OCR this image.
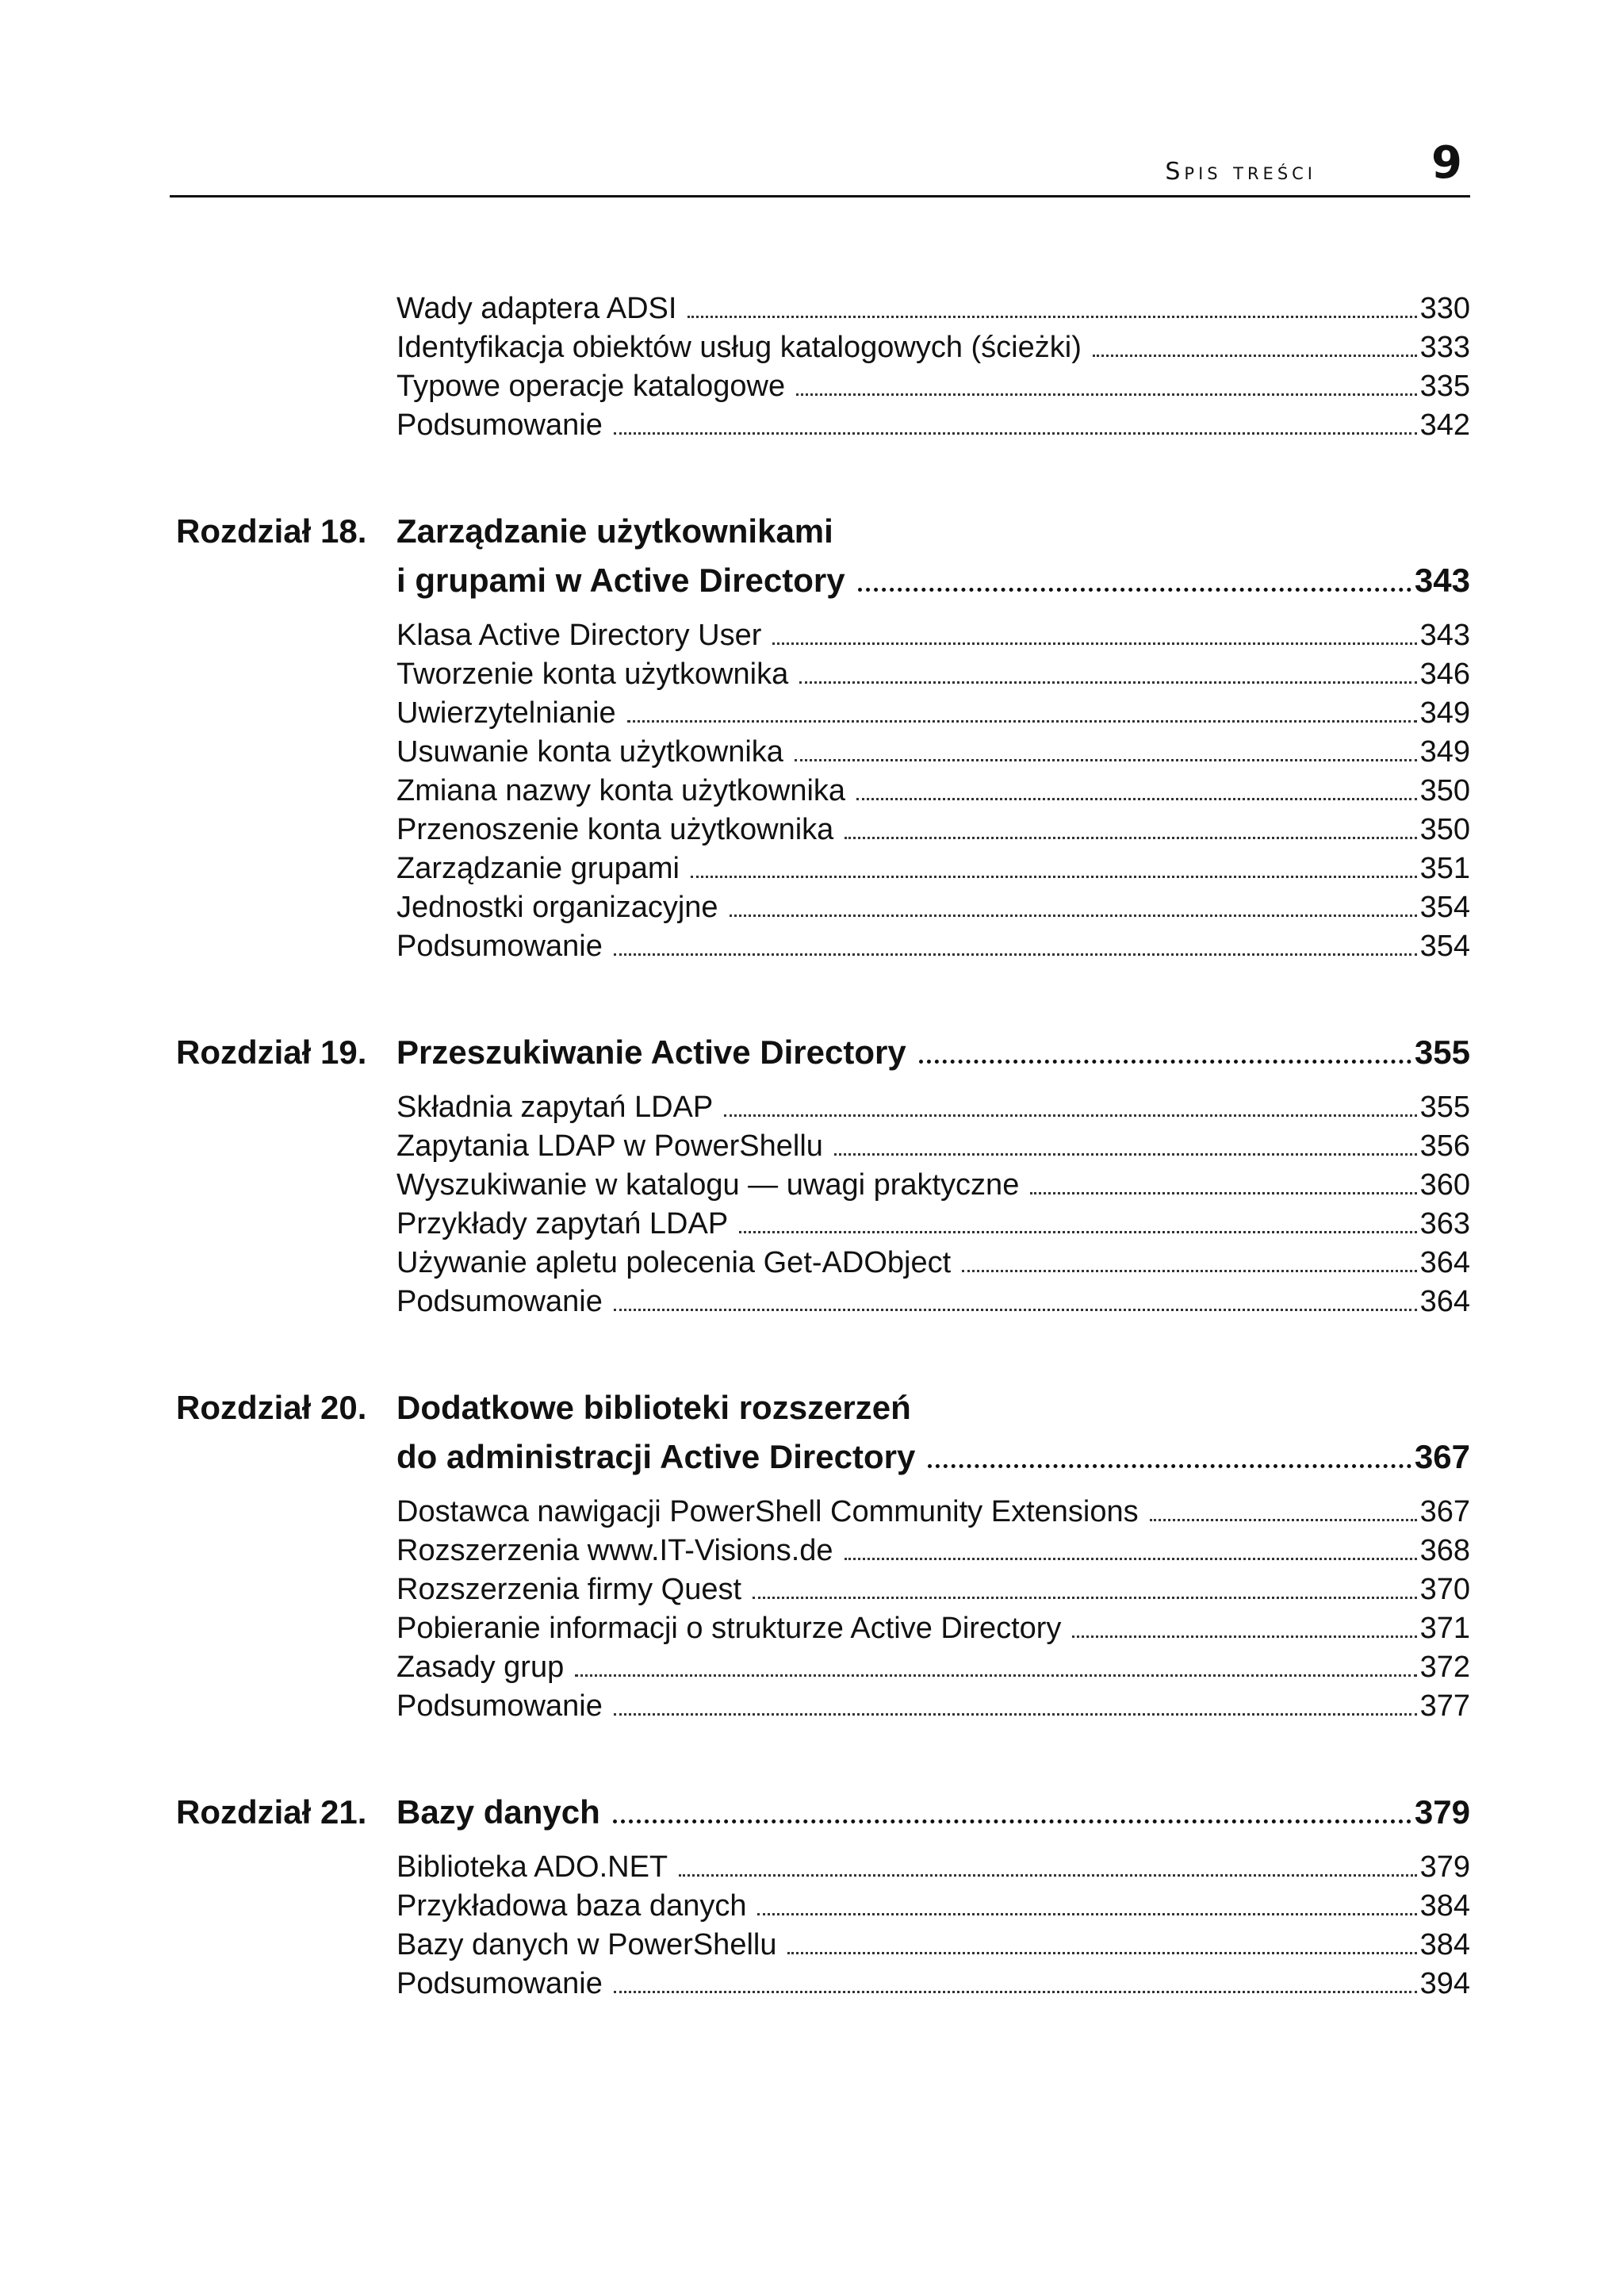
Spis treści	9
Wady adaptera ADSI	330
Identyfikacja obiektów usług katalogowych (ścieżki)	333
Typowe operacje katalogowe	335
Podsumowanie	342
Rozdział 18. Zarządzanie użytkownikami
i grupami w Active Directory	343
Klasa Active Directory User	343
Tworzenie konta użytkownika	346
Uwierzytelnianie	349
Usuwanie konta użytkownika	349
Zmiana nazwy konta użytkownika	350
Przenoszenie konta użytkownika	350
Zarządzanie grupami	351
Jednostki organizacyjne	354
Podsumowanie	354
Rozdział 19. Przeszukiwanie Active Directory	355
Składnia zapytań LDAP	355
Zapytania LDAP w PowerShellu	356
Wyszukiwanie w katalogu — uwagi praktyczne	360
Przykłady zapytań LDAP	363
Używanie apletu polecenia Get-ADObject	364
Podsumowanie	364
Rozdział 20. Dodatkowe biblioteki rozszerzeń
do administracji Active Directory	367
Dostawca nawigacji PowerShell Community Extensions	367
Rozszerzenia www.IT-Visions.de	368
Rozszerzenia firmy Quest	370
Pobieranie informacji o strukturze Active Directory	371
Zasady grup	372
Podsumowanie	377
Rozdział 21. Bazy danych	379
Biblioteka ADO.NET	379
Przykładowa baza danych	384
Bazy danych w PowerShellu	384
Podsumowanie	394
